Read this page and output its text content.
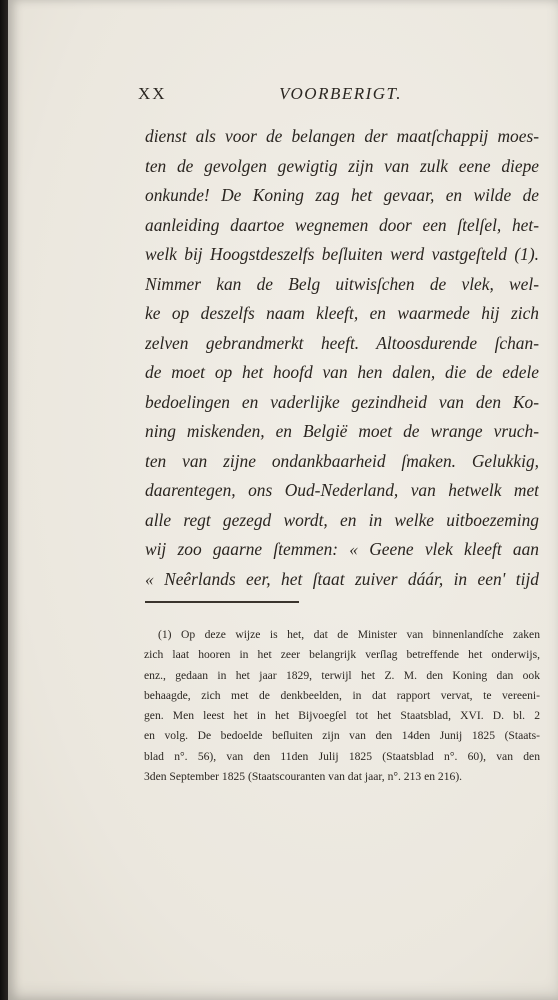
XX	VOORBERIGT.
dienst als voor de belangen der maatſchappij moes-
ten de gevolgen gewigtig zijn van zulk eene diepe
onkunde! De Koning zag het gevaar, en wilde de
aanleiding daartoe wegnemen door een ſtelſel, het-
welk bij Hoogstdeszelfs beſluiten werd vastgeſteld (1).
Nimmer kan de Belg uitwisſchen de vlek, wel-
ke op deszelfs naam kleeft, en waarmede hij zich
zelven gebrandmerkt heeft. Altoosdurende ſchan-
de moet op het hoofd van hen dalen, die de edele
bedoelingen en vaderlijke gezindheid van den Ko-
ning miskenden, en België moet de wrange vruch-
ten van zijne ondankbaarheid ſmaken. Gelukkig,
daarentegen, ons Oud-Nederland, van hetwelk met
alle regt gezegd wordt, en in welke uitboezeming
wij zoo gaarne ſtemmen: « Geene vlek kleeft aan
« Neêrlands eer, het ſtaat zuiver dáár, in een' tijd
(1) Op deze wijze is het, dat de Minister van binnenlandſche zaken
zich laat hooren in het zeer belangrijk verſlag betreffende het onderwijs,
enz., gedaan in het jaar 1829, terwijl het Z. M. den Koning dan ook
behaagde, zich met de denkbeelden, in dat rapport vervat, te vereeni-
gen. Men leest het in het Bijvoegſel tot het Staatsblad, XVI. D. bl. 2
en volg. De bedoelde beſluiten zijn van den 14den Junij 1825 (Staats-
blad n°. 56), van den 11den Julij 1825 (Staatsblad n°. 60), van den
3den September 1825 (Staatscouranten van dat jaar, n°. 213 en 216).
